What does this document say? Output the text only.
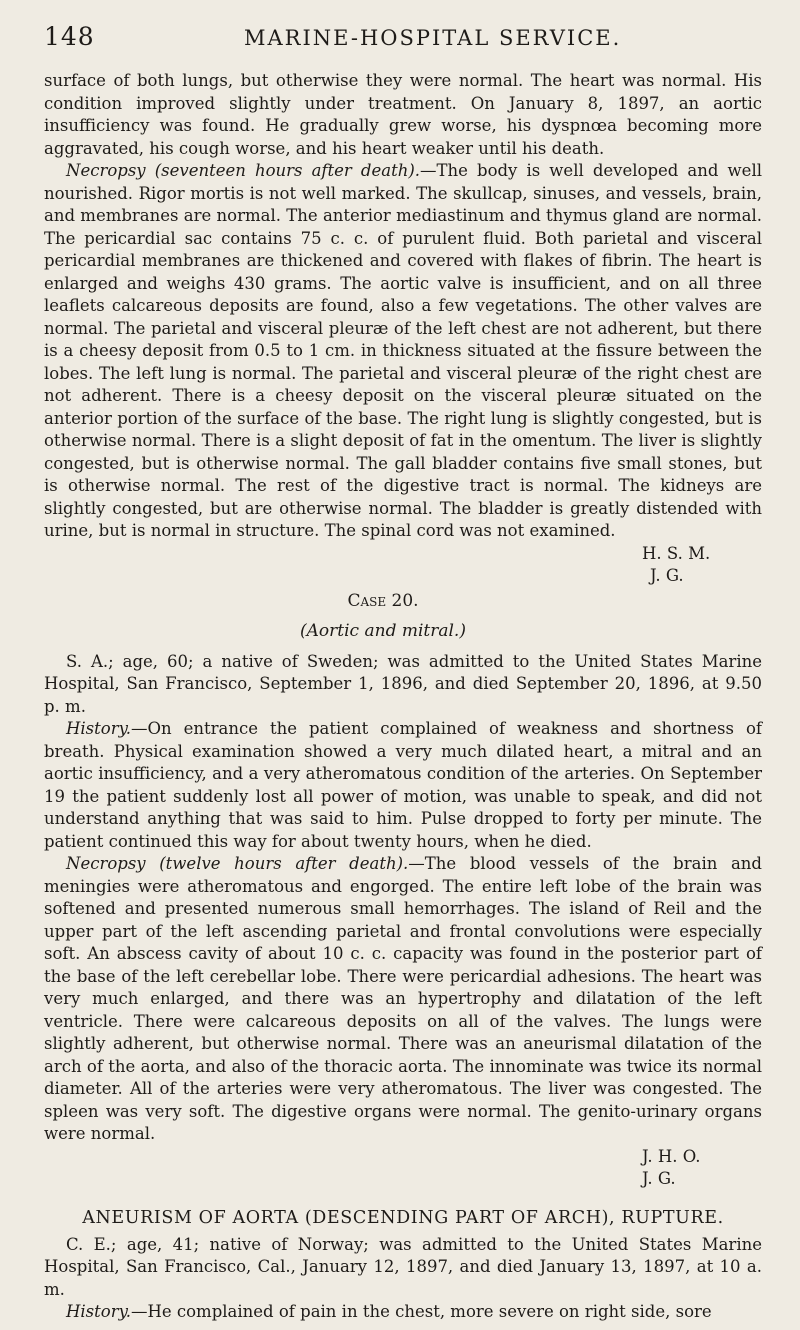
148	MARINE-HOSPITAL SERVICE.

surface of both lungs, but otherwise they were normal. The heart was normal. His condition improved slightly under treatment. On January 8, 1897, an aortic insufficiency was found. He gradually grew worse, his dyspnœa becoming more aggravated, his cough worse, and his heart weaker until his death.

Necropsy (seventeen hours after death).—The body is well developed and well nourished. Rigor mortis is not well marked. The skullcap, sinuses, and vessels, brain, and membranes are normal. The anterior mediastinum and thymus gland are normal. The pericardial sac contains 75 c. c. of purulent fluid. Both parietal and visceral pericardial membranes are thickened and covered with flakes of fibrin. The heart is enlarged and weighs 430 grams. The aortic valve is insufficient, and on all three leaflets calcareous deposits are found, also a few vegetations. The other valves are normal. The parietal and visceral pleuræ of the left chest are not adherent, but there is a cheesy deposit from 0.5 to 1 cm. in thickness situated at the fissure between the lobes. The left lung is normal. The parietal and visceral pleuræ of the right chest are not adherent. There is a cheesy deposit on the visceral pleuræ situated on the anterior portion of the surface of the base. The right lung is slightly congested, but is otherwise normal. There is a slight deposit of fat in the omentum. The liver is slightly congested, but is otherwise normal. The gall bladder contains five small stones, but is otherwise normal. The rest of the digestive tract is normal. The kidneys are slightly congested, but are otherwise normal. The bladder is greatly distended with urine, but is normal in structure. The spinal cord was not examined.

H. S. M.
J. G.
Case 20.
(Aortic and mitral.)

S. A.; age, 60; a native of Sweden; was admitted to the United States Marine Hospital, San Francisco, September 1, 1896, and died September 20, 1896, at 9.50 p. m.

History.—On entrance the patient complained of weakness and shortness of breath. Physical examination showed a very much dilated heart, a mitral and an aortic insufficiency, and a very atheromatous condition of the arteries. On September 19 the patient suddenly lost all power of motion, was unable to speak, and did not understand anything that was said to him. Pulse dropped to forty per minute. The patient continued this way for about twenty hours, when he died.

Necropsy (twelve hours after death).—The blood vessels of the brain and meningies were atheromatous and engorged. The entire left lobe of the brain was softened and presented numerous small hemorrhages. The island of Reil and the upper part of the left ascending parietal and frontal convolutions were especially soft. An abscess cavity of about 10 c. c. capacity was found in the posterior part of the base of the left cerebellar lobe. There were pericardial adhesions. The heart was very much enlarged, and there was an hypertrophy and dilatation of the left ventricle. There were calcareous deposits on all of the valves. The lungs were slightly adherent, but otherwise normal. There was an aneurismal dilatation of the arch of the aorta, and also of the thoracic aorta. The innominate was twice its normal diameter. All of the arteries were very atheromatous. The liver was congested. The spleen was very soft. The digestive organs were normal. The genito-urinary organs were normal.

J. H. O.
J. G.
ANEURISM OF AORTA (DESCENDING PART OF ARCH), RUPTURE.

C. E.; age, 41; native of Norway; was admitted to the United States Marine Hospital, San Francisco, Cal., January 12, 1897, and died January 13, 1897, at 10 a. m.

History.—He complained of pain in the chest, more severe on right side, sore
